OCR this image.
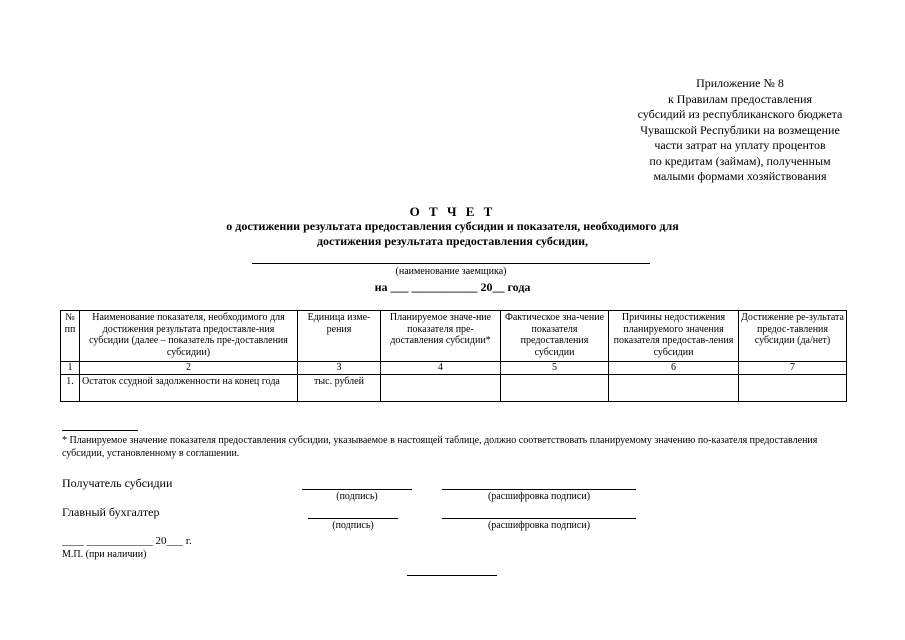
Приложение № 8
к Правилам предоставления
субсидий из республиканского бюджета
Чувашской Республики на возмещение
части затрат на уплату процентов
по кредитам (займам), полученным
малыми формами хозяйствования
О Т Ч Е Т
о достижении результата предоставления субсидии и показателя, необходимого для
достижения результата предоставления субсидии,
(наименование заемщика)
на ___ ___________ 20__ года
№ пп	Наименование показателя, необходимого для достижения результата предоставле-ния субсидии (далее – показатель пре-доставления субсидии)	Единица изме-рения	Планируемое значе-ние показателя пре-доставления субсидии*	Фактическое зна-чение показателя предоставления субсидии	Причины недостижения планируемого значения показателя предостав-ления субсидии	Достижение ре-зультата предос-тавления субсидии (да/нет)
1	2	3	4	5	6	7
1.	Остаток ссудной задолженности на конец года	тыс. рублей				
* Планируемое значение показателя предоставления субсидии, указываемое в настоящей таблице, должно соответствовать планируемому значению по-казателя предоставления субсидии, установленному в соглашении.
Получатель субсидии
(подпись)	(расшифровка подписи)
Главный бухгалтер
(подпись)	(расшифровка подписи)
____ ____________ 20___ г.
М.П. (при наличии)
